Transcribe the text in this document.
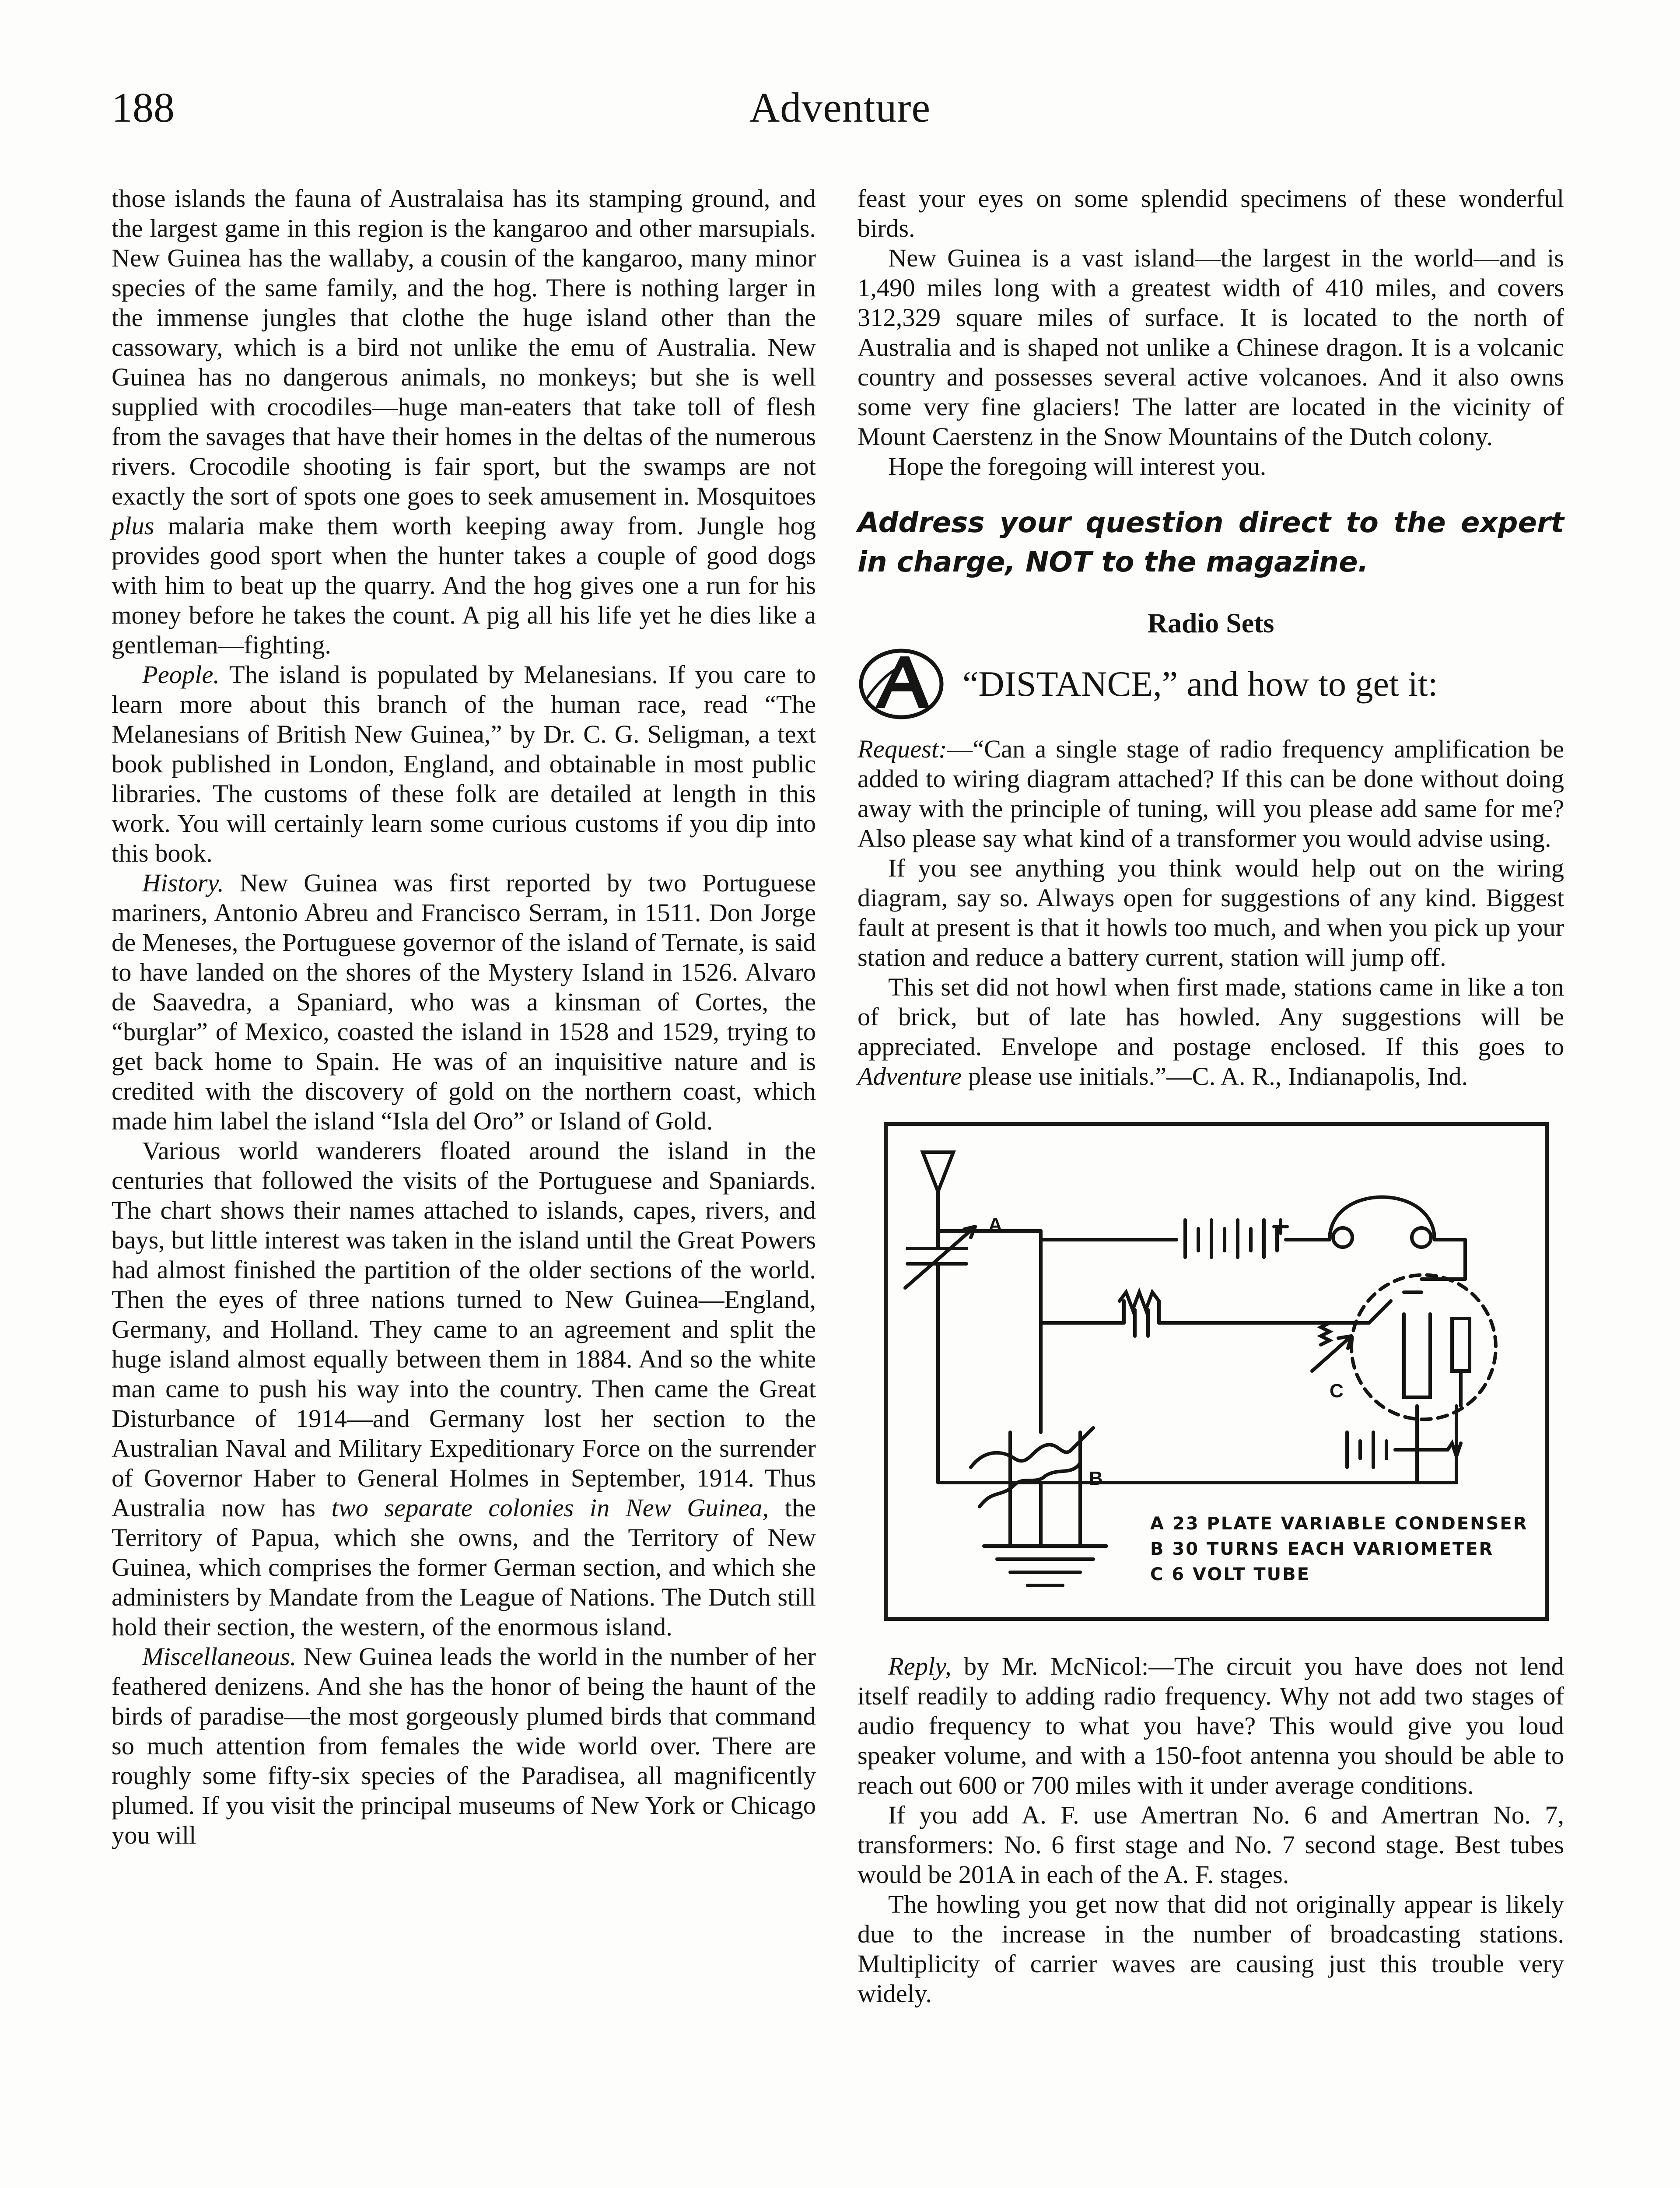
188	Adventure

those islands the fauna of Australaisa has its stamping ground, and the largest game in this region is the kangaroo and other marsupials. New Guinea has the wallaby, a cousin of the kangaroo, many minor species of the same family, and the hog. There is nothing larger in the immense jungles that clothe the huge island other than the cassowary, which is a bird not unlike the emu of Australia. New Guinea has no dangerous animals, no monkeys; but she is well supplied with crocodiles—huge man-eaters that take toll of flesh from the savages that have their homes in the deltas of the numerous rivers. Crocodile shooting is fair sport, but the swamps are not exactly the sort of spots one goes to seek amusement in. Mosquitoes plus malaria make them worth keeping away from. Jungle hog provides good sport when the hunter takes a couple of good dogs with him to beat up the quarry. And the hog gives one a run for his money before he takes the count. A pig all his life yet he dies like a gentleman—fighting.

People. The island is populated by Melanesians. If you care to learn more about this branch of the human race, read “The Melanesians of British New Guinea,” by Dr. C. G. Seligman, a text book published in London, England, and obtainable in most public libraries. The customs of these folk are detailed at length in this work. You will certainly learn some curious customs if you dip into this book.

History. New Guinea was first reported by two Portuguese mariners, Antonio Abreu and Francisco Serram, in 1511. Don Jorge de Meneses, the Portuguese governor of the island of Ternate, is said to have landed on the shores of the Mystery Island in 1526. Alvaro de Saavedra, a Spaniard, who was a kinsman of Cortes, the “burglar” of Mexico, coasted the island in 1528 and 1529, trying to get back home to Spain. He was of an inquisitive nature and is credited with the discovery of gold on the northern coast, which made him label the island “Isla del Oro” or Island of Gold.

Various world wanderers floated around the island in the centuries that followed the visits of the Portuguese and Spaniards. The chart shows their names attached to islands, capes, rivers, and bays, but little interest was taken in the island until the Great Powers had almost finished the partition of the older sections of the world. Then the eyes of three nations turned to New Guinea—England, Germany, and Holland. They came to an agreement and split the huge island almost equally between them in 1884. And so the white man came to push his way into the country. Then came the Great Disturbance of 1914—and Germany lost her section to the Australian Naval and Military Expeditionary Force on the surrender of Governor Haber to General Holmes in September, 1914. Thus Australia now has two separate colonies in New Guinea, the Territory of Papua, which she owns, and the Territory of New Guinea, which comprises the former German section, and which she administers by Mandate from the League of Nations. The Dutch still hold their section, the western, of the enormous island.

Miscellaneous. New Guinea leads the world in the number of her feathered denizens. And she has the honor of being the haunt of the birds of paradise—the most gorgeously plumed birds that command so much attention from females the wide world over. There are roughly some fifty-six species of the Paradisea, all magnificently plumed. If you visit the principal museums of New York or Chicago you will

feast your eyes on some splendid specimens of these wonderful birds.

New Guinea is a vast island—the largest in the world—and is 1,490 miles long with a greatest width of 410 miles, and covers 312,329 square miles of surface. It is located to the north of Australia and is shaped not unlike a Chinese dragon. It is a volcanic country and possesses several active volcanoes. And it also owns some very fine glaciers! The latter are located in the vicinity of Mount Caerstenz in the Snow Mountains of the Dutch colony.

Hope the foregoing will interest you.

Address your question direct to the expert in charge, NOT to the magazine.

Radio Sets
“DISTANCE,” and how to get it:

Request:—“Can a single stage of radio frequency amplification be added to wiring diagram attached? If this can be done without doing away with the principle of tuning, will you please add same for me? Also please say what kind of a transformer you would advise using.

If you see anything you think would help out on the wiring diagram, say so. Always open for suggestions of any kind. Biggest fault at present is that it howls too much, and when you pick up your station and reduce a battery current, station will jump off.

This set did not howl when first made, stations came in like a ton of brick, but of late has howled. Any suggestions will be appreciated. Envelope and postage enclosed. If this goes to Adventure please use initials.”—C. A. R., Indianapolis, Ind.

A
B
C
A 23 PLATE VARIABLE CONDENSER
B 30 TURNS EACH VARIOMETER
C 6 VOLT TUBE

Reply, by Mr. McNicol:—The circuit you have does not lend itself readily to adding radio frequency. Why not add two stages of audio frequency to what you have? This would give you loud speaker volume, and with a 150-foot antenna you should be able to reach out 600 or 700 miles with it under average conditions.

If you add A. F. use Amertran No. 6 and Amertran No. 7, transformers: No. 6 first stage and No. 7 second stage. Best tubes would be 201A in each of the A. F. stages.

The howling you get now that did not originally appear is likely due to the increase in the number of broadcasting stations. Multiplicity of carrier waves are causing just this trouble very widely.
